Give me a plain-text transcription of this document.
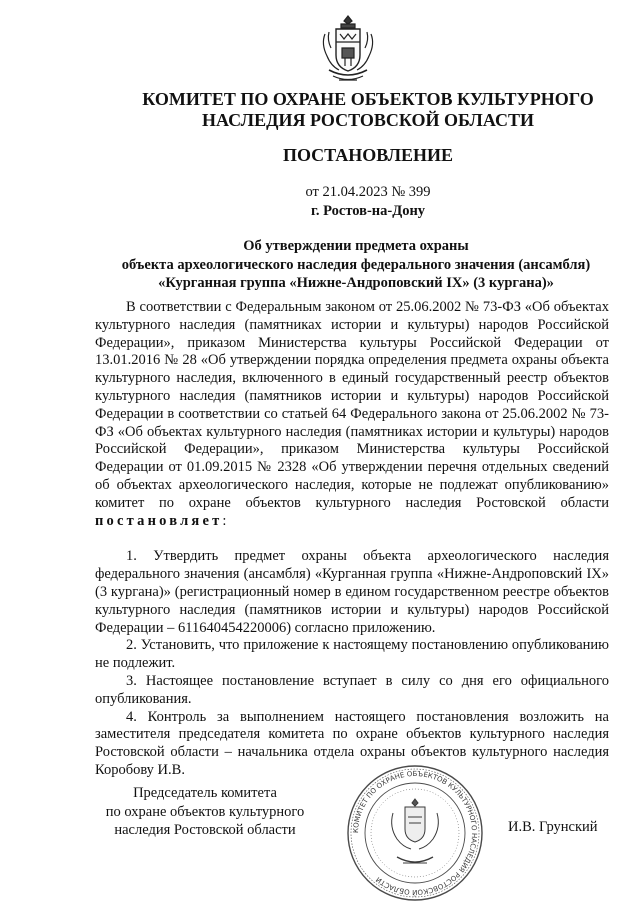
КОМИТЕТ ПО ОХРАНЕ ОБЪЕКТОВ КУЛЬТУРНОГО
НАСЛЕДИЯ РОСТОВСКОЙ ОБЛАСТИ
ПОСТАНОВЛЕНИЕ
от 21.04.2023 № 399
г. Ростов-на-Дону
Об утверждении предмета охраны
объекта археологического наследия федерального значения (ансамбля)
«Курганная группа «Нижне-Андроповский IX» (3 кургана)»

В соответствии с Федеральным законом от 25.06.2002 № 73-ФЗ «Об объектах культурного наследия (памятниках истории и культуры) народов Российской Федерации», приказом Министерства культуры Российской Федерации от 13.01.2016 № 28 «Об утверждении порядка определения предмета охраны объекта культурного наследия, включенного в единый государственный реестр объектов культурного наследия (памятников истории и культуры) народов Российской Федерации в соответствии со статьей 64 Федерального закона от 25.06.2002 № 73-ФЗ «Об объектах культурного наследия (памятниках истории и культуры) народов Российской Федерации», приказом Министерства культуры Российской Федерации от 01.09.2015 № 2328 «Об утверждении перечня отдельных сведений об объектах археологического наследия, которые не подлежат опубликованию» комитет по охране объектов культурного наследия Ростовской области постановляет:

1. Утвердить предмет охраны объекта археологического наследия федерального значения (ансамбля) «Курганная группа «Нижне-Андроповский IX» (3 кургана)» (регистрационный номер в едином государственном реестре объектов культурного наследия (памятников истории и культуры) народов Российской Федерации – 611640454220006) согласно приложению.

2. Установить, что приложение к настоящему постановлению опубликованию не подлежит.

3. Настоящее постановление вступает в силу со дня его официального опубликования.

4. Контроль за выполнением настоящего постановления возложить на заместителя председателя комитета по охране объектов культурного наследия Ростовской области – начальника отдела охраны объектов культурного наследия Коробову И.В.

Председатель комитета
по охране объектов культурного
наследия Ростовской области	КОМИТЕТ ПО ОХРАНЕ ОБЪЕКТОВ КУЛЬТУРНОГО НАСЛЕДИЯ РОСТОВСКОЙ ОБЛАСТИ
И.В. Грунский
